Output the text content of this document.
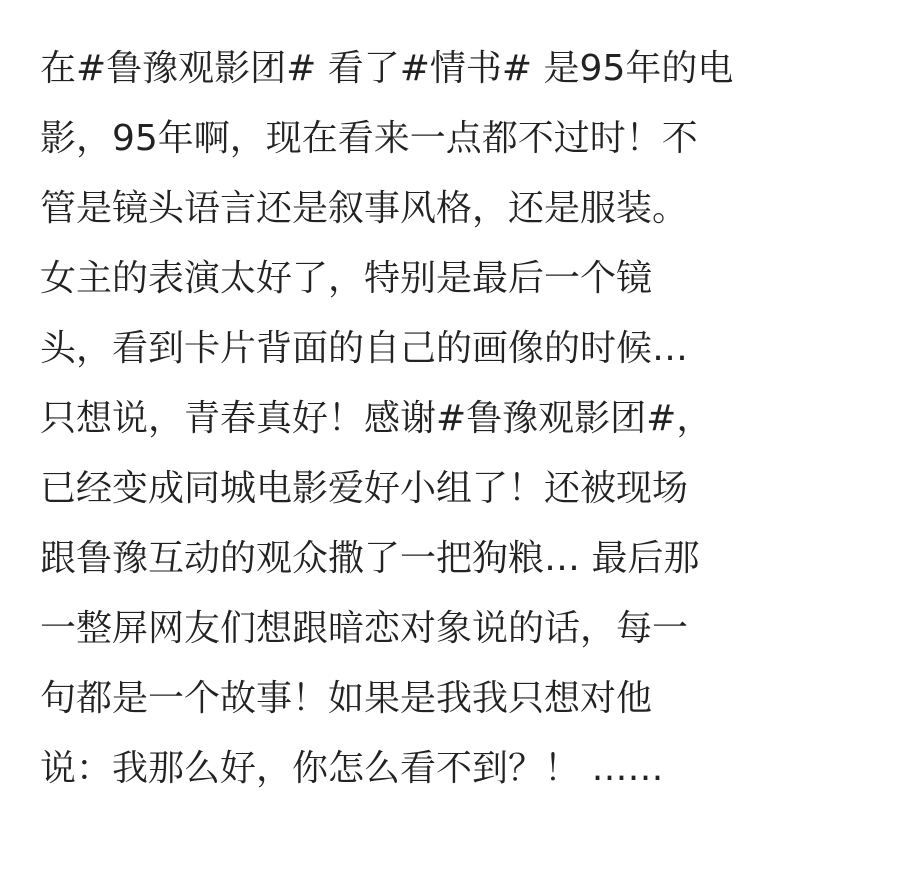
在#鲁豫观影团# 看了#情书# 是95年的电
影，95年啊，现在看来一点都不过时！不
管是镜头语言还是叙事风格，还是服装。
女主的表演太好了，特别是最后一个镜
头，看到卡片背面的自己的画像的时候…
只想说，青春真好！感谢#鲁豫观影团#，
已经变成同城电影爱好小组了！还被现场
跟鲁豫互动的观众撒了一把狗粮… 最后那
一整屏网友们想跟暗恋对象说的话，每一
句都是一个故事！如果是我我只想对他
说：我那么好，你怎么看不到？！ ……
